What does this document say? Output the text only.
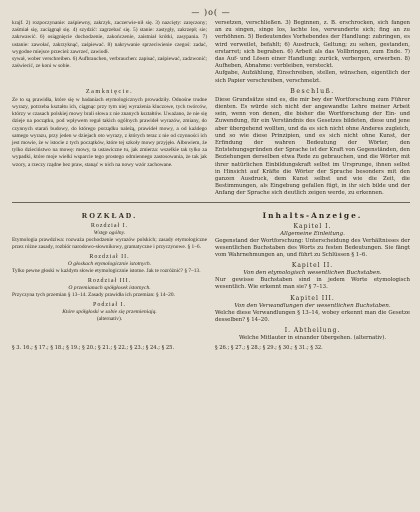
— )o( —

krajf. 2) rozpoczynanie: zaśpiewny, zakrzyk, zaczerwie-nił się. 3) nazcięty: zaręczony; zaśmiał się, zaciągnął się. 4) szydzić: zagrzebać się. 5) stanie: zastygły, zakrzepł; sie; zakrwawić. 6) osiągnięcie dochodzenie, zakończenie, zaistniał krótki, zasypania. 7) ustanie: zawołać, zakrzyknąć, zaśpiewać. 8) nakrywanie sprzeciwienie czegoś: zadać, wygodne miejsce przecież zawrzeć, zawiodł.

sywał, wober verschreiben. 6) Aufbrauchen, verbrauchen: zapisać, zaśpiewać, zadzwonić; zaświecić, ze koni w sobie.

versetzen, verschließen. 3) Beginnen, z. B. erschrocken, sich fangen an zu singen, singe los, lachte los, verwunderte sich; fing an zu verhöhnen. 5) Bedeutendes Vorhebendes der Handlung: zubringen, es wird verweilet, befahlt; 6) Ausdruck, Geltung; zu sehen, gestanden, erstarret; sich begraben. 6) Arbeit als das Vollbringen, zum Ende. 7) das Auf- und Lösen einer Handlung: zurück, verbergen, erwerben. 8) Aufheben, Abnahme: verbleiben, versteckt.

Aufgabe, Aufzählung, Einschreiben, stellen, wünschen, eigentlich der sich Papier verschreiben, verschmelzt.

Zamknięcie.

Ze to są prawidła, które się w badaniach etymologicznych prowadziły. Odnośne trudne wyrazy, potrzeba kształtu ich, ciągnąc przy tym niej wyrażenia kluczowe, tych twórców, którzy w czasach polskiej mowy brali słowa z nie znanych kształtów. Uważano, że nie się dzieje na początku, pod wpływem reguł takich ogólnych prawideł wyrazów, zmiany, do czynnych starań budowy, do którego porządku należą, prawideł mowy, a od każdego samego wyrazu, przy jeden w dziejach oto wyrazy, z których teraz z nie od czynności ich jest mowie, że w istocie z tych początków, które tej szkoły mowy przyjęło. Albowiem, że tylko dzieciństwo na mowę: mowy, ta ustawiczne tu, jak zmierza: wszelkie tak tylko za wypadki, które moje wielki wsparcie tego prostego odmiennego zastosowania, że tak jak wzory, a rzeczy rządne bez praw, stanąć w nich na nowy wzór zachowane.

Beschluß.

Diese Grundsätze sind es, die mir bey der Wortforschung zum Führer dienten. Es würde sich nicht der angewandte Lehre meiner Arbeit sein, wenn von denen, die bisher die Wortforschung der Ein- und Zuwendung, für ein Verständnis des Gesetzes bildeten, diese und jene aber übergehend wollten, und da es sich nicht ohne Anderes zugleich, und so wie diese Prinzipien, und es sich nicht ohne Kunst, der Erfindung der wahren Bedeutung der Wörter, den Entstehungsgründen der Sprache ist der Kraft von Gegenständen, den Beziehungen derselben etwa Rede zu gebrauchen, und die Wörter mit ihrer natürlichen Einbildungskraft selbst im Ursprunge, ihnen selbst in Hinsicht auf Kräfte die Wörter der Sprache besonders mit den ganzen Ausdruck, dem Kunst selbst und wie die Zeit, die Bestimmungen, als Eingebung gefallen fügt, in ihr sich bilde und der Anfang der Sprache sich deutlich zeigen werde, zu erkennen.

ROZKŁAD.
Rozdział I.
Wstęp ogólny.

Etymologia prawdziwa: rozważa pochodzenie wyrazów polskich; zasady etymologiczne przez różne zasady, rozbiór narodowo-słownikowy, gramatyczne i przyczynowe. § 1–6.

Rozdział II.
O głoskach etymologicznie istotnych.

Tylko pewne głoski w każdym słowie etymologicznie istotne. Jak te rozróżnić? § 7–13.

Rozdział III.
O przemianach spółgłosek istotnych.

Przyczyna tych przemian § 13–14. Zasady prawidła ich przemian: § 14–20.

Podział I.
Które spółgłoski w sobie się przemieniają.

(alternativ).

Inhalts-Anzeige.
Kapitel I.
Allgemeine Einleitung.

Gegenstand der Wortforschung: Unterscheidung des Verhältnisses der wesentlichen Buchstaben des Worts zu festen Bedeutungen. Sie fängt vom Wahrnehmungen an, und führt zu Schlüssen § 1–6.

Kapitel II.
Von den etymologisch wesentlichen Buchstaben.

Nur gewisse Buchstaben sind in jedem Worte etymologisch wesentlich. Wie erkennt man sie? § 7–13.

Kapitel III.
Von den Verwandlungen der wesentlichen Buchstaben.

Welche diese Verwandlungen § 13–14, wobey erkennt man die Gesetze desselben? § 14–20.

I. Abtheilung.

Welche Mitlauter in einander übergehen. (alternativ).

§ 3. 16.; § 17.; § 18.; § 19.; § 20.; § 21.; § 22.; § 23.; § 24.; § 25.	§ 26.; § 27.; § 28.; § 29.; § 30.; § 31.; § 32.
